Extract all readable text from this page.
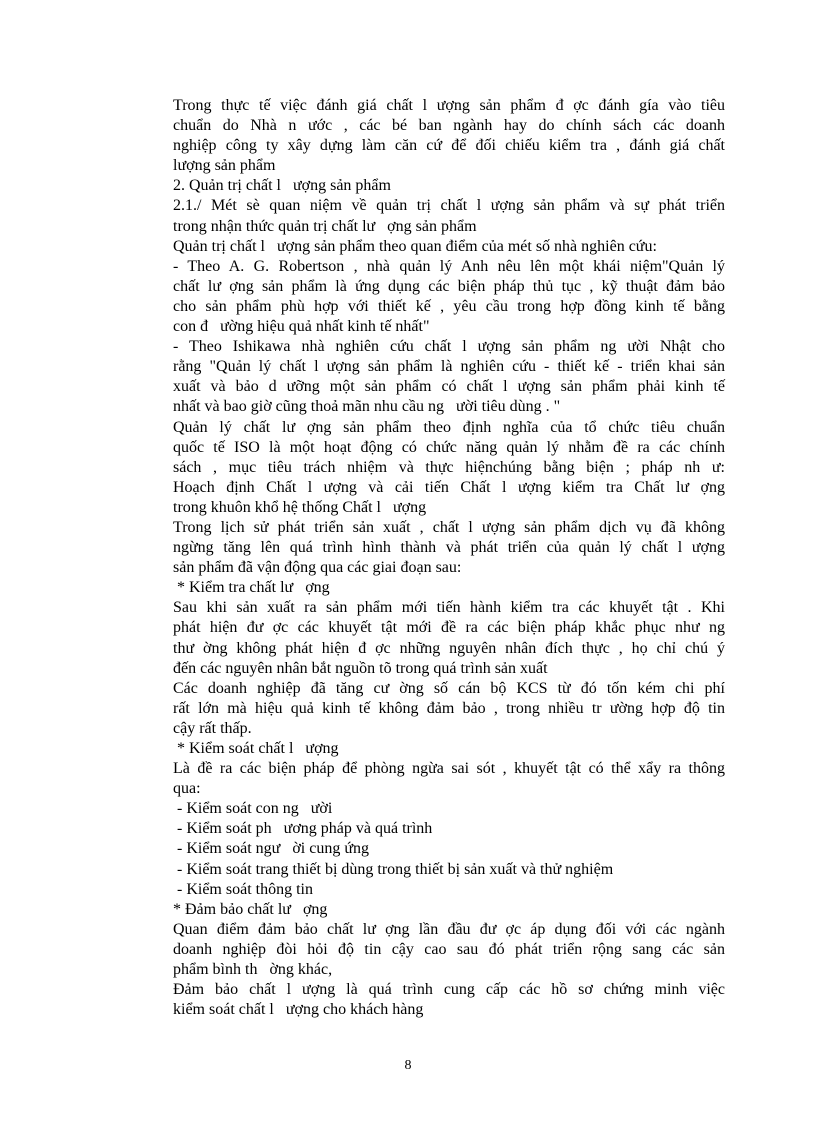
Trong thực tế việc đánh giá chất l ượng sản phẩm đ ợc đánh gía vào tiêu
chuẩn do Nhà n ước , các bé ban ngành hay do chính sách các doanh
nghiệp công ty xây dựng làm căn cứ để đối chiếu kiểm tra , đánh giá chất
lượng sản phẩm
2. Quản trị chất l   ượng sản phẩm
2.1./ Mét sè quan niệm về quản trị chất l ượng sản phẩm và sự phát triển
trong nhận thức quản trị chất lư   ợng sản phẩm
Quản trị chất l   ượng sản phẩm theo quan điểm của mét số nhà nghiên cứu:
- Theo A. G. Robertson , nhà quản lý Anh nêu lên một khái niệm"Quản lý
chất lư ợng sản phẩm là ứng dụng các biện pháp thủ tục , kỹ thuật đảm bảo
cho sản phẩm phù hợp với thiết kế , yêu cầu trong hợp đồng kinh tế bằng
con đ   ường hiệu quả nhất kinh tế nhất"
- Theo Ishikawa nhà nghiên cứu chất l ượng sản phẩm ng ười Nhật cho
rằng "Quản lý chất l ượng sản phẩm là nghiên cứu - thiết kế - triển khai sản
xuất và bảo d ưỡng một sản phẩm có chất l ượng sản phẩm phải kinh tế
nhất và bao giờ cũng thoả mãn nhu cầu ng   ười tiêu dùng . "
Quản lý chất lư ợng sản phẩm theo định nghĩa của tổ chức tiêu chuẩn
quốc tế ISO là một hoạt động có chức năng quản lý nhằm đề ra các chính
sách , mục tiêu trách nhiệm và thực hiệnchúng bằng biện ; pháp nh ư:
Hoạch định Chất l ượng và cải tiến Chất l ượng kiểm tra Chất lư ợng
trong khuôn khổ hệ thống Chất l   ượng
Trong lịch sử phát triển sản xuất , chất l ượng sản phẩm dịch vụ đã không
ngừng tăng lên quá trình hình thành và phát triển của quản lý chất l ượng
sản phẩm đã vận động qua các giai đoạn sau:
* Kiểm tra chất lư   ợng
Sau khi sản xuất ra sản phẩm mới tiến hành kiểm tra các khuyết tật . Khi
phát hiện đư ợc các khuyết tật mới đề ra các biện pháp khắc phục như ng
thư ờng không phát hiện đ ợc những nguyên nhân đích thực , họ chỉ chú ý
đến các nguyên nhân bắt nguồn tõ trong quá trình sản xuất
Các doanh nghiệp đã tăng cư ờng số cán bộ KCS từ đó tốn kém chi phí
rất lớn mà hiệu quả kinh tế không đảm bảo , trong nhiều tr ường hợp độ tin
cậy rất thấp.
* Kiểm soát chất l   ượng
Là đề ra các biện pháp để phòng ngừa sai sót , khuyết tật có thể xẩy ra thông
qua:
- Kiểm soát con ng   ười
- Kiểm soát ph   ương pháp và quá trình
- Kiểm soát ngư   ời cung ứng
- Kiểm soát trang thiết bị dùng trong thiết bị sản xuất và thử nghiệm
- Kiểm soát thông tin
* Đảm bảo chất lư   ợng
Quan điểm đảm bảo chất lư ợng lần đầu đư ợc áp dụng đối với các ngành
doanh nghiệp đòi hỏi độ tin cậy cao sau đó phát triển rộng sang các sản
phẩm bình th   ờng khác,
Đảm bảo chất l ượng là quá trình cung cấp các hồ sơ chứng minh việc
kiểm soát chất l   ượng cho khách hàng
8
